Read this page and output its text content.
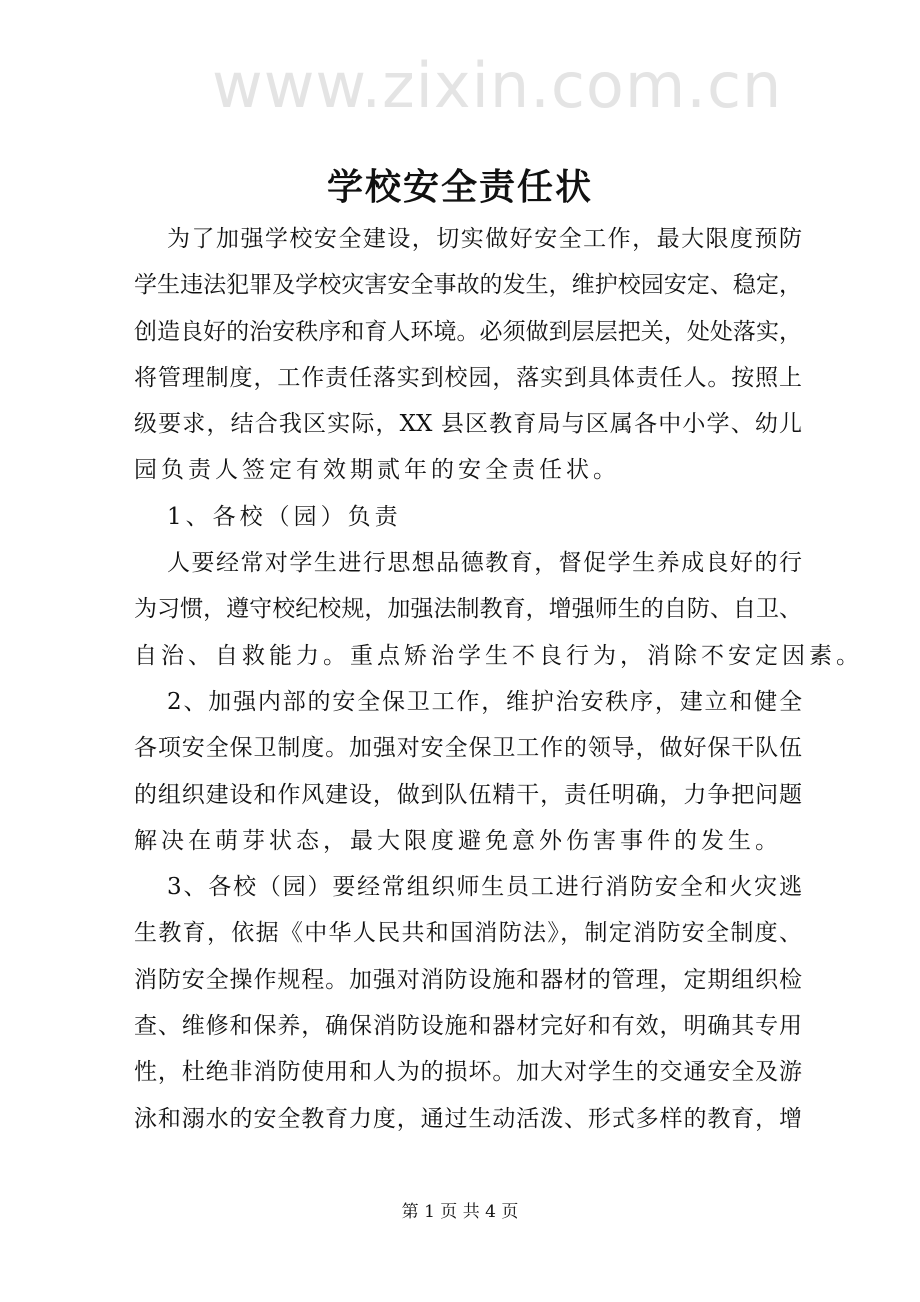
www.zixin.com.cn
学校安全责任状
为了加强学校安全建设，切实做好安全工作，最大限度预防
学生违法犯罪及学校灾害安全事故的发生，维护校园安定、稳定，
创造良好的治安秩序和育人环境。必须做到层层把关，处处落实，
将管理制度，工作责任落实到校园，落实到具体责任人。按照上
级要求，结合我区实际，XX 县区教育局与区属各中小学、幼儿
园负责人签定有效期贰年的安全责任状。
1、各校（园）负责
人要经常对学生进行思想品德教育，督促学生养成良好的行
为习惯，遵守校纪校规，加强法制教育，增强师生的自防、自卫、
自治、自救能力。重点矫治学生不良行为，消除不安定因素。
2、加强内部的安全保卫工作，维护治安秩序，建立和健全
各项安全保卫制度。加强对安全保卫工作的领导，做好保干队伍
的组织建设和作风建设，做到队伍精干，责任明确，力争把问题
解决在萌芽状态，最大限度避免意外伤害事件的发生。
3、各校（园）要经常组织师生员工进行消防安全和火灾逃
生教育，依据《中华人民共和国消防法》，制定消防安全制度、
消防安全操作规程。加强对消防设施和器材的管理，定期组织检
查、维修和保养，确保消防设施和器材完好和有效，明确其专用
性，杜绝非消防使用和人为的损坏。加大对学生的交通安全及游
泳和溺水的安全教育力度，通过生动活泼、形式多样的教育，增
第 1 页 共 4 页
